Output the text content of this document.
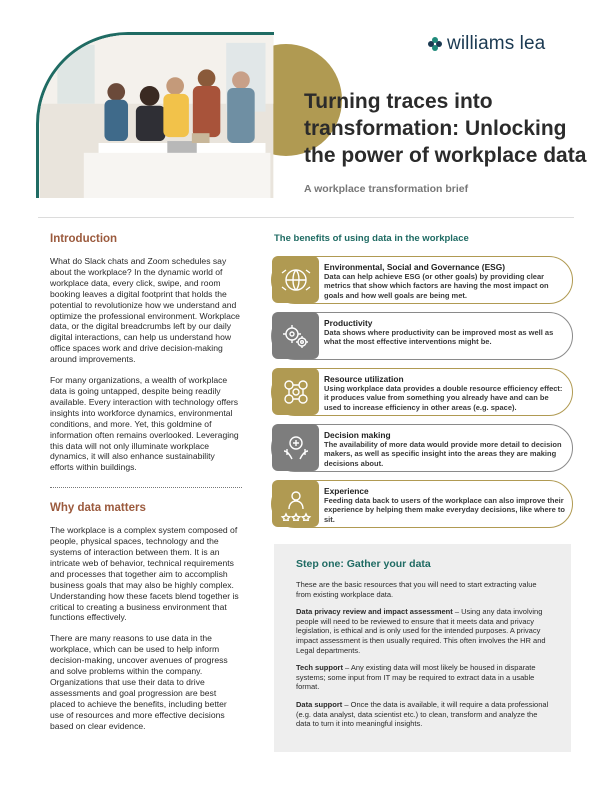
williams lea
Turning traces into transformation: Unlocking the power of workplace data
A workplace transformation brief
Introduction

What do Slack chats and Zoom schedules say about the workplace? In the dynamic world of workplace data, every click, swipe, and room booking leaves a digital footprint that holds the potential to revolutionize how we understand and optimize the professional environment. Workplace data, or the digital breadcrumbs left by our daily digital interactions, can help us understand how office spaces work and drive decision-making around improvements.

For many organizations, a wealth of workplace data is going untapped, despite being readily available. Every interaction with technology offers insights into workforce dynamics, environmental conditions, and more. Yet, this goldmine of information often remains overlooked. Leveraging this data will not only illuminate workplace dynamics, it will also enhance sustainability efforts within buildings.

Why data matters

The workplace is a complex system composed of people, physical spaces, technology and the systems of interaction between them. It is an intricate web of behavior, technical requirements and processes that together aim to accomplish business goals that may also be highly complex. Understanding how these facets blend together is critical to creating a business environment that functions effectively.

There are many reasons to use data in the workplace, which can be used to help inform decision-making, uncover avenues of progress and solve problems within the company. Organizations that use their data to drive assessments and goal progression are best placed to achieve the benefits, including better use of resources and more effective decisions based on clear evidence.

The benefits of using data in the workplace
Environmental, Social and Governance (ESG)
Data can help achieve ESG (or other goals) by providing clear metrics that show which factors are having the most impact on goals and how well goals are being met.
Productivity
Data shows where productivity can be improved most as well as what the most effective interventions might be.
Resource utilization
Using workplace data provides a double resource efficiency effect: it produces value from something you already have and can be used to increase efficiency in other areas (e.g. space).
Decision making
The availability of more data would provide more detail to decision makers, as well as specific insight into the areas they are making decisions about.
Experience
Feeding data back to users of the workplace can also improve their experience by helping them make everyday decisions, like where to sit.
Step one: Gather your data

These are the basic resources that you will need to start extracting value from existing workplace data.

Data privacy review and impact assessment – Using any data involving people will need to be reviewed to ensure that it meets data and privacy legislation, is ethical and is only used for the intended purposes. A privacy impact assessment is then usually required. This often involves the HR and Legal departments.

Tech support – Any existing data will most likely be housed in disparate systems; some input from IT may be required to extract data in a usable format.

Data support – Once the data is available, it will require a data professional (e.g. data analyst, data scientist etc.) to clean, transform and analyze the data to turn it into meaningful insights.
